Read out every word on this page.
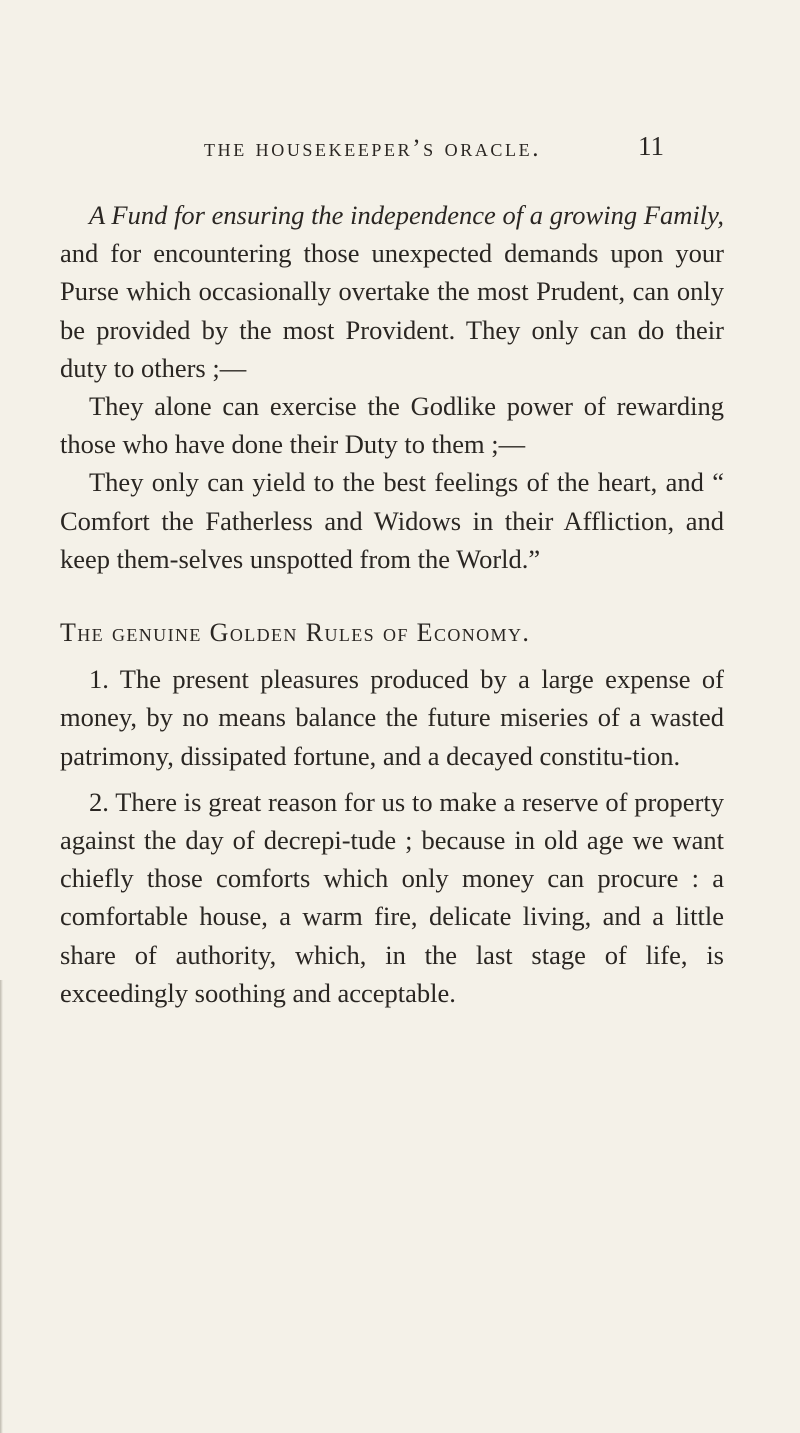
the housekeeper’s oracle.	11

A Fund for ensuring the independence of a growing Family, and for encountering those unexpected demands upon your Purse which occasionally overtake the most Prudent, can only be provided by the most Provident. They only can do their duty to others ;—

They alone can exercise the Godlike power of rewarding those who have done their Duty to them ;—

They only can yield to the best feelings of the heart, and “ Comfort the Fatherless and Widows in their Affliction, and keep them-selves unspotted from the World.”

The genuine Golden Rules of Economy.

1. The present pleasures produced by a large expense of money, by no means balance the future miseries of a wasted patrimony, dissipated fortune, and a decayed constitu-tion.

2. There is great reason for us to make a reserve of property against the day of decrepi-tude ; because in old age we want chiefly those comforts which only money can procure : a comfortable house, a warm fire, delicate living, and a little share of authority, which, in the last stage of life, is exceedingly soothing and acceptable.
